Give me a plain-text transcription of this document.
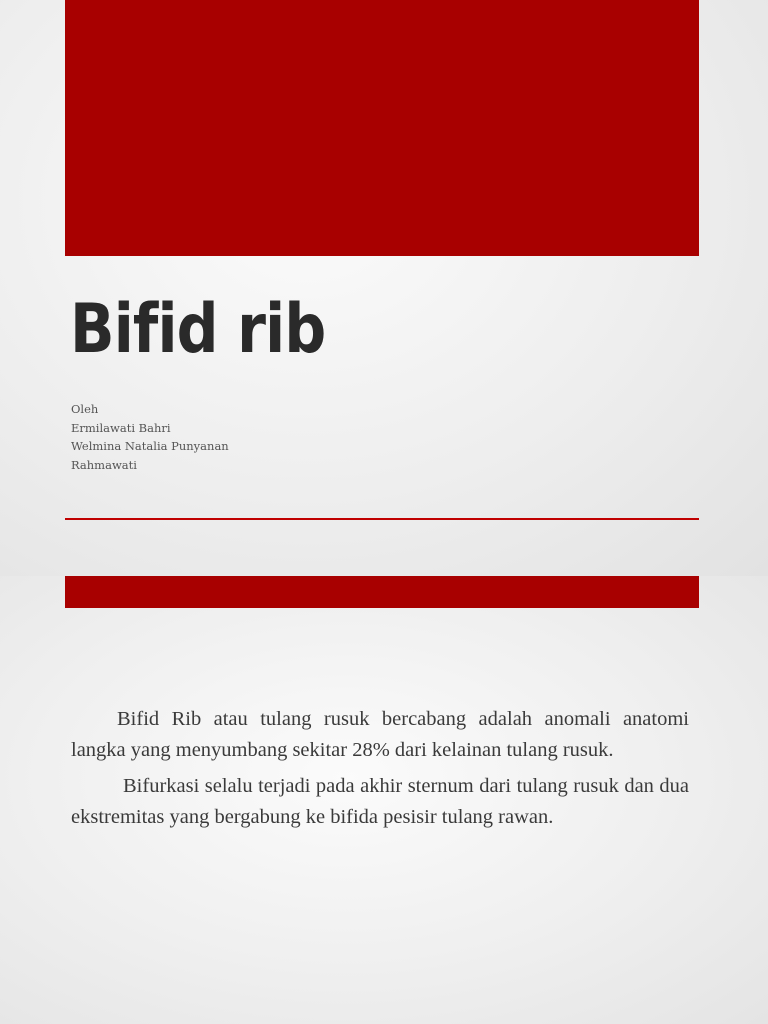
Bifid rib
Oleh
Ermilawati Bahri
Welmina Natalia Punyanan
Rahmawati

Bifid Rib atau tulang rusuk bercabang adalah anomali anatomi langka yang menyumbang sekitar 28% dari kelainan tulang rusuk.

Bifurkasi selalu terjadi pada akhir sternum dari tulang rusuk dan dua ekstremitas yang bergabung ke bifida pesisir tulang rawan.
